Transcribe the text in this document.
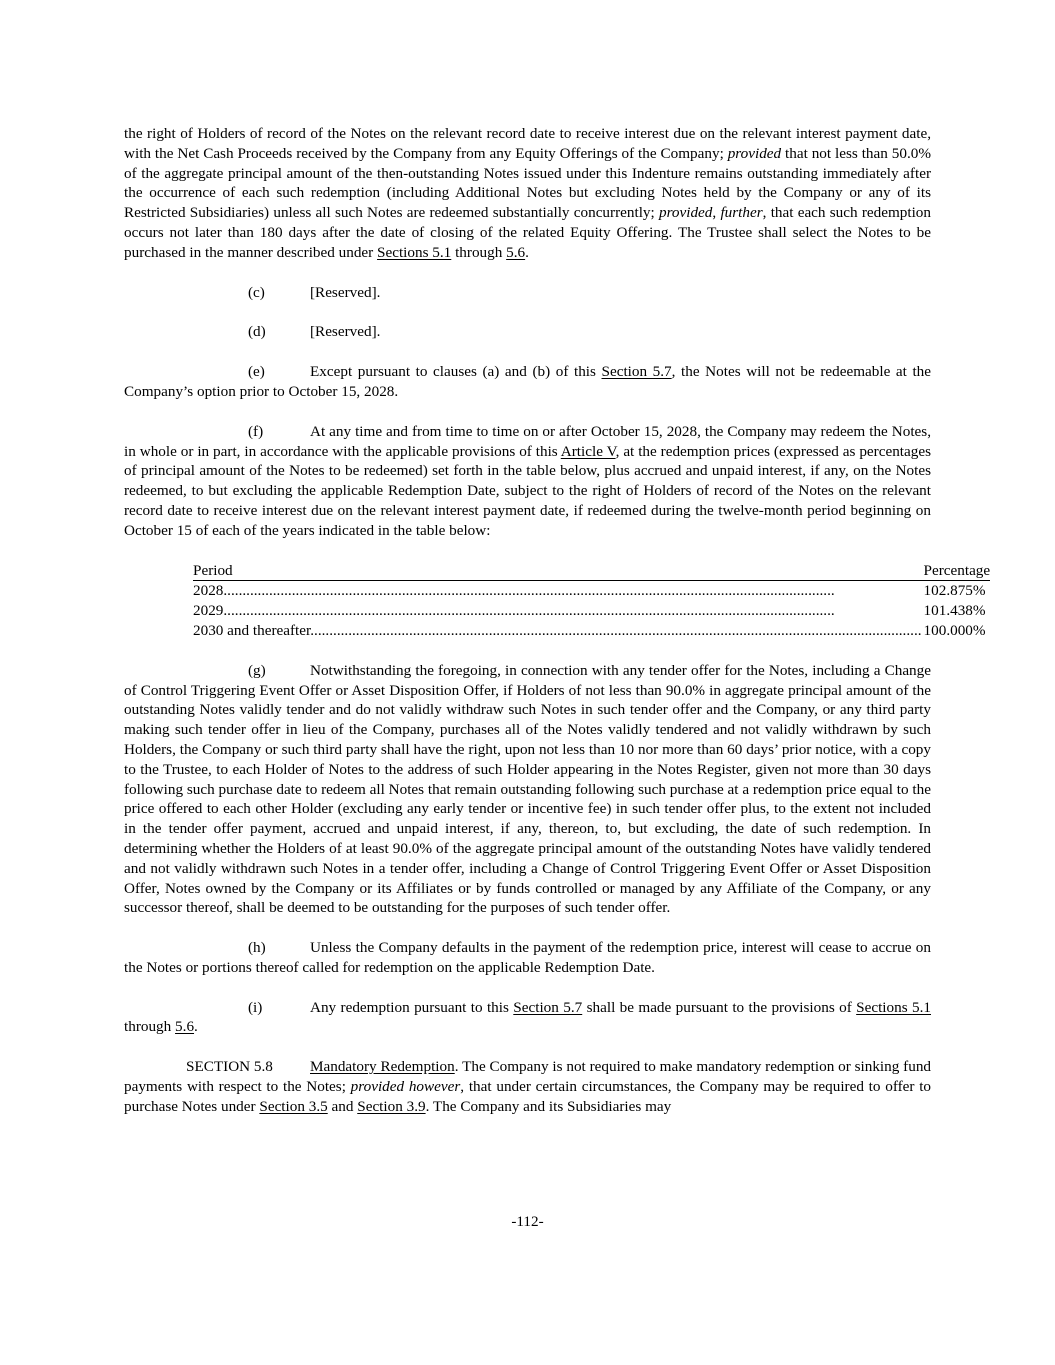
the right of Holders of record of the Notes on the relevant record date to receive interest due on the relevant interest payment date, with the Net Cash Proceeds received by the Company from any Equity Offerings of the Company; provided that not less than 50.0% of the aggregate principal amount of the then-outstanding Notes issued under this Indenture remains outstanding immediately after the occurrence of each such redemption (including Additional Notes but excluding Notes held by the Company or any of its Restricted Subsidiaries) unless all such Notes are redeemed substantially concurrently; provided, further, that each such redemption occurs not later than 180 days after the date of closing of the related Equity Offering. The Trustee shall select the Notes to be purchased in the manner described under Sections 5.1 through 5.6.

(c)	[Reserved].

(d)	[Reserved].

(e)	Except pursuant to clauses (a) and (b) of this Section 5.7, the Notes will not be redeemable at the Company’s option prior to October 15, 2028.

(f)	At any time and from time to time on or after October 15, 2028, the Company may redeem the Notes, in whole or in part, in accordance with the applicable provisions of this Article V, at the redemption prices (expressed as percentages of principal amount of the Notes to be redeemed) set forth in the table below, plus accrued and unpaid interest, if any, on the Notes redeemed, to but excluding the applicable Redemption Date, subject to the right of Holders of record of the Notes on the relevant record date to receive interest due on the relevant interest payment date, if redeemed during the twelve-month period beginning on October 15 of each of the years indicated in the table below:

Period		Percentage

2028 .....		102.875%

2029 .....		101.438%

2030 and thereafter .....		100.000%

(g)	Notwithstanding the foregoing, in connection with any tender offer for the Notes, including a Change of Control Triggering Event Offer or Asset Disposition Offer, if Holders of not less than 90.0% in aggregate principal amount of the outstanding Notes validly tender and do not validly withdraw such Notes in such tender offer and the Company, or any third party making such tender offer in lieu of the Company, purchases all of the Notes validly tendered and not validly withdrawn by such Holders, the Company or such third party shall have the right, upon not less than 10 nor more than 60 days’ prior notice, with a copy to the Trustee, to each Holder of Notes to the address of such Holder appearing in the Notes Register, given not more than 30 days following such purchase date to redeem all Notes that remain outstanding following such purchase at a redemption price equal to the price offered to each other Holder (excluding any early tender or incentive fee) in such tender offer plus, to the extent not included in the tender offer payment, accrued and unpaid interest, if any, thereon, to, but excluding, the date of such redemption. In determining whether the Holders of at least 90.0% of the aggregate principal amount of the outstanding Notes have validly tendered and not validly withdrawn such Notes in a tender offer, including a Change of Control Triggering Event Offer or Asset Disposition Offer, Notes owned by the Company or its Affiliates or by funds controlled or managed by any Affiliate of the Company, or any successor thereof, shall be deemed to be outstanding for the purposes of such tender offer.

(h)	Unless the Company defaults in the payment of the redemption price, interest will cease to accrue on the Notes or portions thereof called for redemption on the applicable Redemption Date.

(i)	Any redemption pursuant to this Section 5.7 shall be made pursuant to the provisions of Sections 5.1 through 5.6.

SECTION 5.8 Mandatory Redemption. The Company is not required to make mandatory redemption or sinking fund payments with respect to the Notes; provided however, that under certain circumstances, the Company may be required to offer to purchase Notes under Section 3.5 and Section 3.9. The Company and its Subsidiaries may

-112-
